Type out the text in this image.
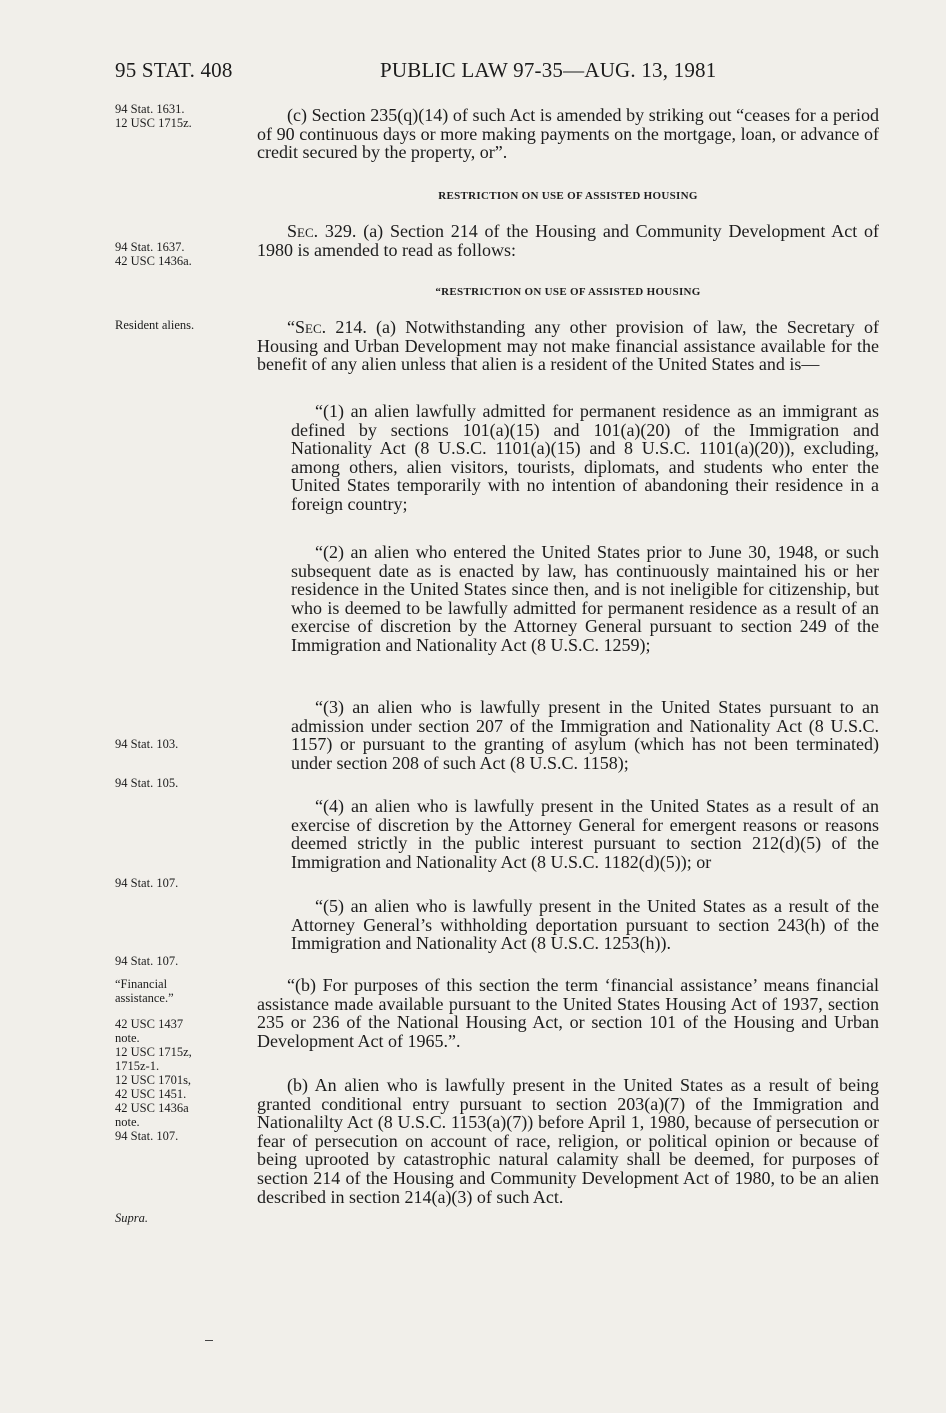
95 STAT. 408	PUBLIC LAW 97-35—AUG. 13, 1981
94 Stat. 1631.
12 USC 1715z.
94 Stat. 1637.
42 USC 1436a.
Resident aliens.
94 Stat. 103.
94 Stat. 105.
94 Stat. 107.
94 Stat. 107.
“Financial
assistance.”
42 USC 1437
note.
12 USC 1715z,
1715z-1.
12 USC 1701s,
42 USC 1451.
42 USC 1436a
note.
94 Stat. 107.
Supra.
(c) Section 235(q)(14) of such Act is amended by striking out “ceases for a period of 90 continuous days or more making payments on the mortgage, loan, or advance of credit secured by the property, or”.
RESTRICTION ON USE OF ASSISTED HOUSING
Sec. 329. (a) Section 214 of the Housing and Community Development Act of 1980 is amended to read as follows:
“RESTRICTION ON USE OF ASSISTED HOUSING
“Sec. 214. (a) Notwithstanding any other provision of law, the Secretary of Housing and Urban Development may not make financial assistance available for the benefit of any alien unless that alien is a resident of the United States and is—
“(1) an alien lawfully admitted for permanent residence as an immigrant as defined by sections 101(a)(15) and 101(a)(20) of the Immigration and Nationality Act (8 U.S.C. 1101(a)(15) and 8 U.S.C. 1101(a)(20)), excluding, among others, alien visitors, tourists, diplomats, and students who enter the United States temporarily with no intention of abandoning their residence in a foreign country;
“(2) an alien who entered the United States prior to June 30, 1948, or such subsequent date as is enacted by law, has continuously maintained his or her residence in the United States since then, and is not ineligible for citizenship, but who is deemed to be lawfully admitted for permanent residence as a result of an exercise of discretion by the Attorney General pursuant to section 249 of the Immigration and Nationality Act (8 U.S.C. 1259);
“(3) an alien who is lawfully present in the United States pursuant to an admission under section 207 of the Immigration and Nationality Act (8 U.S.C. 1157) or pursuant to the granting of asylum (which has not been terminated) under section 208 of such Act (8 U.S.C. 1158);
“(4) an alien who is lawfully present in the United States as a result of an exercise of discretion by the Attorney General for emergent reasons or reasons deemed strictly in the public interest pursuant to section 212(d)(5) of the Immigration and Nationality Act (8 U.S.C. 1182(d)(5)); or
“(5) an alien who is lawfully present in the United States as a result of the Attorney General’s withholding deportation pursuant to section 243(h) of the Immigration and Nationality Act (8 U.S.C. 1253(h)).
“(b) For purposes of this section the term ‘financial assistance’ means financial assistance made available pursuant to the United States Housing Act of 1937, section 235 or 236 of the National Housing Act, or section 101 of the Housing and Urban Development Act of 1965.”.
(b) An alien who is lawfully present in the United States as a result of being granted conditional entry pursuant to section 203(a)(7) of the Immigration and Nationalilty Act (8 U.S.C. 1153(a)(7)) before April 1, 1980, because of persecution or fear of persecution on account of race, religion, or political opinion or because of being uprooted by catastrophic natural calamity shall be deemed, for purposes of section 214 of the Housing and Community Development Act of 1980, to be an alien described in section 214(a)(3) of such Act.
